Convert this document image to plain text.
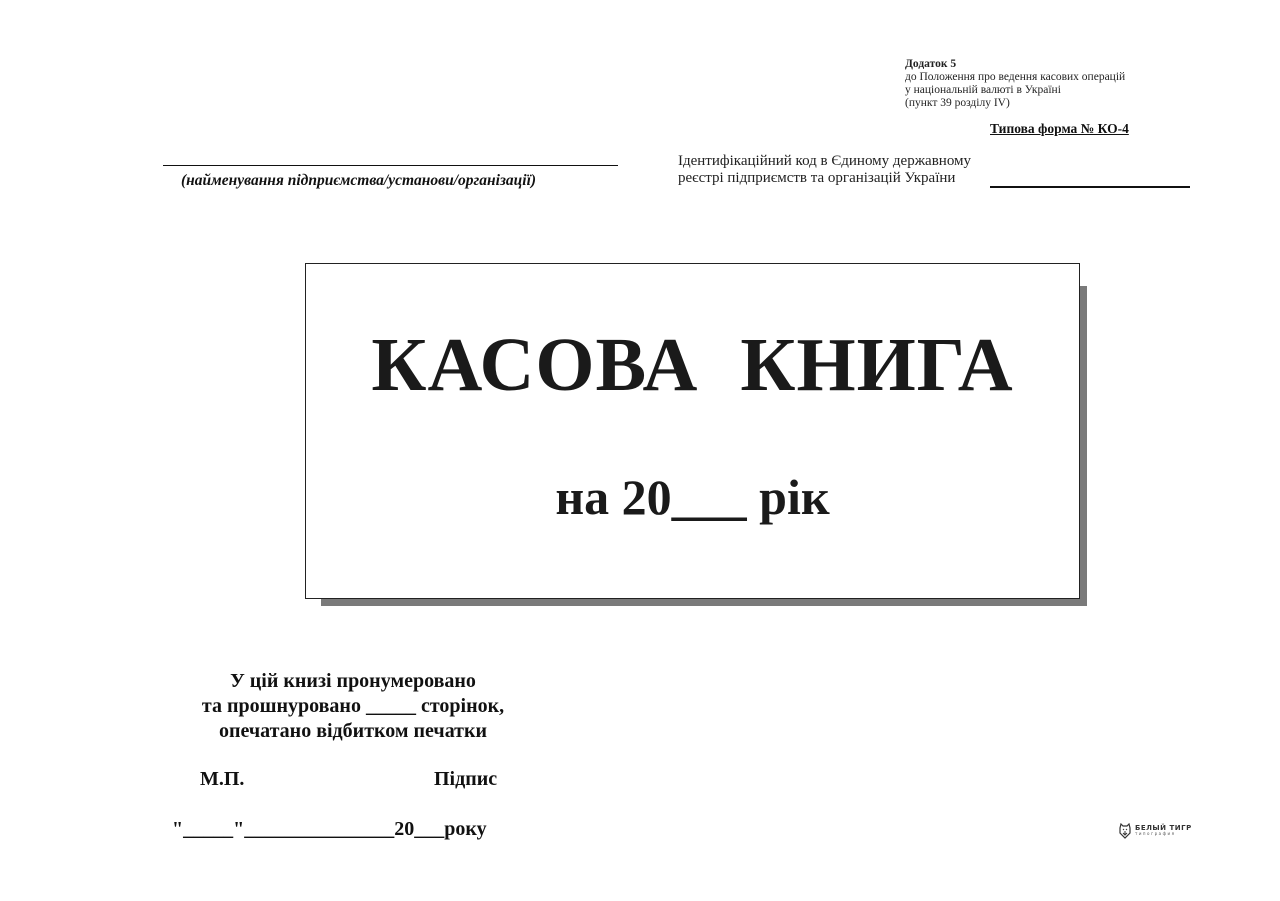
Додаток 5
до Положення про ведення касових операцій
у національній валюті в Україні
(пункт 39 розділу IV)
Типова форма № КО-4
(найменування підприємства/установи/організації)
Ідентифікаційний код в Єдиному державному
реєстрі підприємств та організацій України
КАСОВА КНИГА
на 20___ рік
У цій книзі пронумеровано
та прошнуровано _____ сторінок,
опечатано відбитком печатки
М.П.	Підпис
"_____"_______________20___року	БЕЛЫЙ ТИГР
типография
